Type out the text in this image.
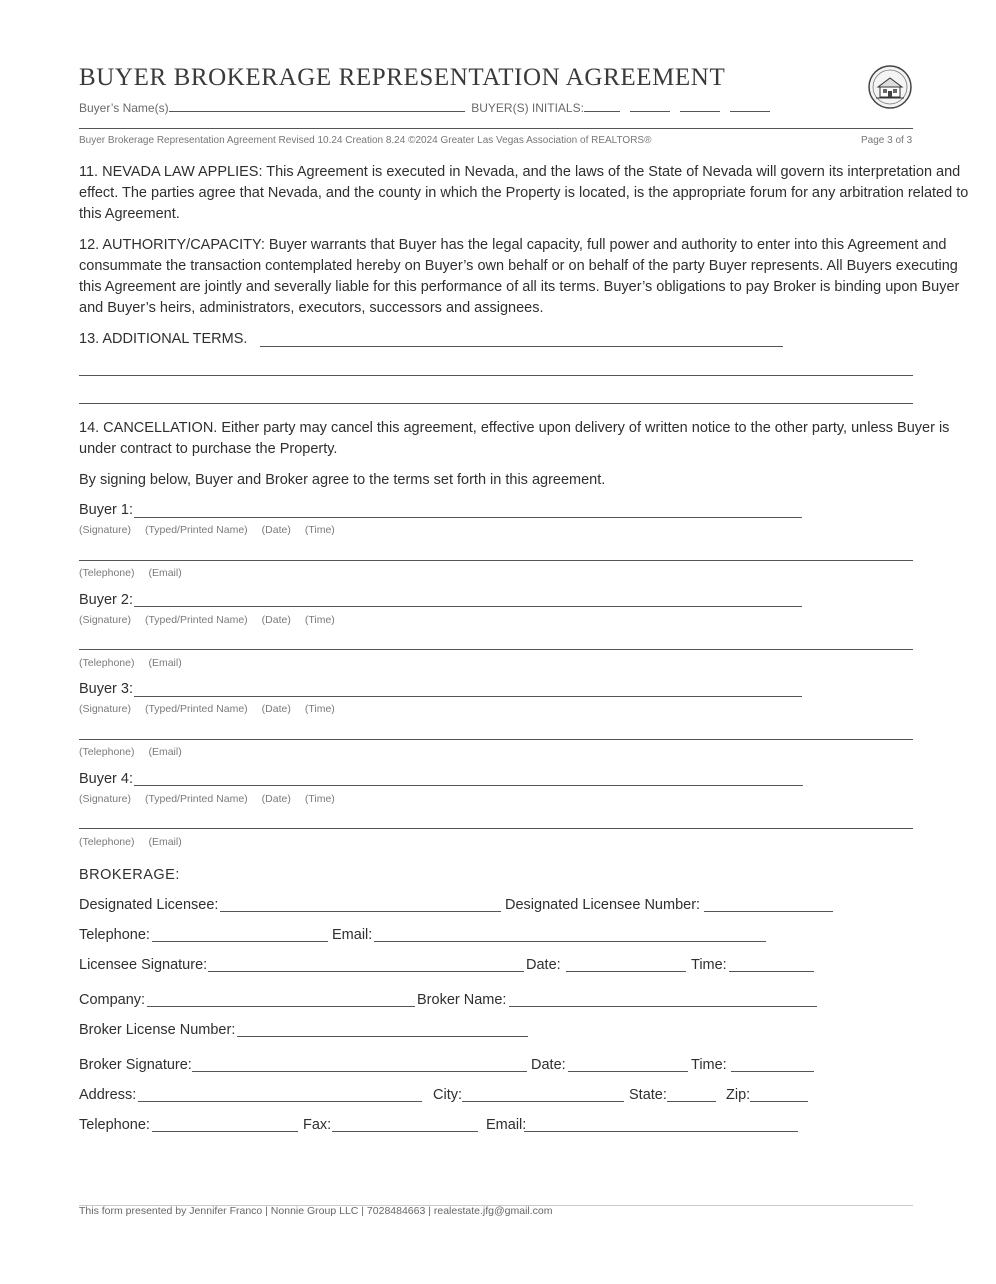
BUYER BROKERAGE REPRESENTATION AGREEMENT
Buyer’s Name(s)	BUYER(S) INITIALS:
Buyer Brokerage Representation Agreement Revised 10.24 Creation 8.24 ©2024 Greater Las Vegas Association of REALTORS®	Page 3 of 3
11. NEVADA LAW APPLIES: This Agreement is executed in Nevada, and the laws of the State of Nevada will govern its interpretation and effect. The parties agree that Nevada, and the county in which the Property is located, is the appropriate forum for any arbitration related to this Agreement.
12. AUTHORITY/CAPACITY: Buyer warrants that Buyer has the legal capacity, full power and authority to enter into this Agreement and consummate the transaction contemplated hereby on Buyer’s own behalf or on behalf of the party Buyer represents. All Buyers executing this Agreement are jointly and severally liable for this performance of all its terms. Buyer’s obligations to pay Broker is binding upon Buyer and Buyer’s heirs, administrators, executors, successors and assignees.
13. ADDITIONAL TERMS.
14. CANCELLATION. Either party may cancel this agreement, effective upon delivery of written notice to the other party, unless Buyer is under contract to purchase the Property.
By signing below, Buyer and Broker agree to the terms set forth in this agreement.
Buyer 1:
(Signature) (Typed/Printed Name) (Date) (Time)
(Telephone) (Email)
Buyer 2:
(Signature) (Typed/Printed Name) (Date) (Time)
(Telephone) (Email)
Buyer 3:
(Signature) (Typed/Printed Name) (Date) (Time)
(Telephone) (Email)
Buyer 4:
(Signature) (Typed/Printed Name) (Date) (Time)
(Telephone) (Email)
BROKERAGE:
Designated Licensee:	Designated Licensee Number:
Telephone:	Email:
Licensee Signature:	Date:	Time:
Company:	Broker Name:
Broker License Number:
Broker Signature:	Date:	Time:
Address:	City:	State:	Zip:
Telephone:	Fax:	Email:
This form presented by Jennifer Franco | Nonnie Group LLC | 7028484663 | realestate.jfg@gmail.com
